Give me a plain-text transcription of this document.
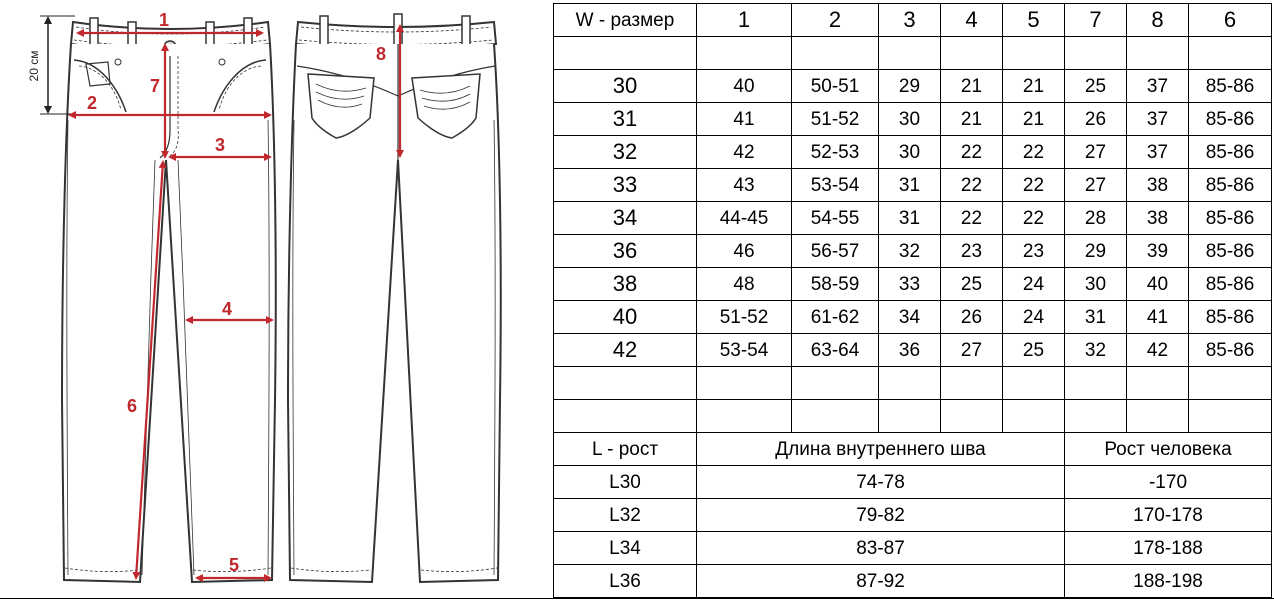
20 см
1
2
3
4
5
6
7
8
W - размер	1	2	3	4	5	7	8	6

30	40	50-51	29	21	21	25	37	85-86
31	41	51-52	30	21	21	26	37	85-86
32	42	52-53	30	22	22	27	37	85-86
33	43	53-54	31	22	22	27	38	85-86
34	44-45	54-55	31	22	22	28	38	85-86
36	46	56-57	32	23	23	29	39	85-86
38	48	58-59	33	25	24	30	40	85-86
40	51-52	61-62	34	26	24	31	41	85-86
42	53-54	63-64	36	27	25	32	42	85-86

L - рост	Длина внутреннего шва					Рост человека		
L30	74-78					-170		
L32	79-82					170-178		
L34	83-87					178-188		
L36	87-92					188-198		
